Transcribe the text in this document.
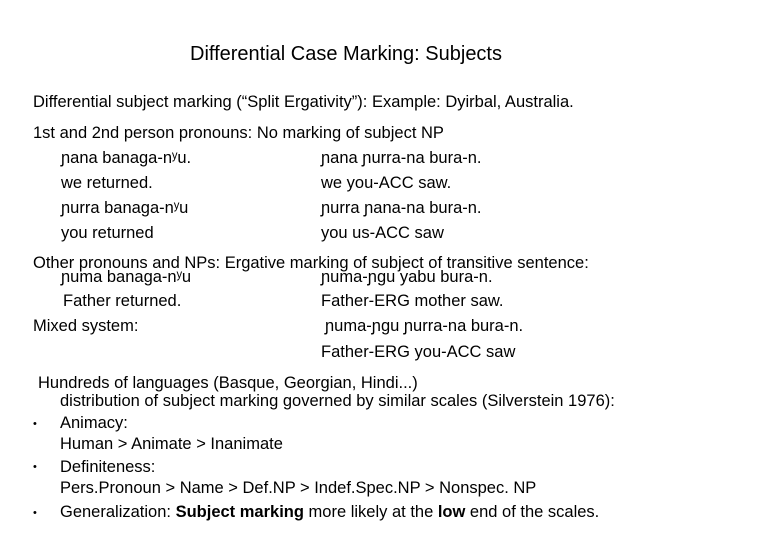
Differential Case Marking: Subjects
Differential subject marking (“Split Ergativity”): Example: Dyirbal, Australia.
1st and 2nd person pronouns: No marking of subject NP
ɲana banaga-nʸu.
we returned.
ɲurra banaga-nʸu
you returned
ɲana ɲurra-na bura-n.
we you-ACC saw.
ɲurra ɲana-na bura-n.
you us-ACC saw
Other pronouns and NPs: Ergative marking of subject of transitive sentence:
ɲuma banaga-nʸu
Father returned.
ɲuma-ɲgu yabu bura-n.
Father-ERG mother saw.
Mixed system:	ɲuma-ɲgu ɲurra-na bura-n.
Father-ERG you-ACC saw
Hundreds of languages (Basque, Georgian, Hindi...)
distribution of subject marking governed by similar scales (Silverstein 1976):
• Animacy:
Human > Animate > Inanimate
• Definiteness:
Pers.Pronoun > Name > Def.NP > Indef.Spec.NP > Nonspec. NP
• Generalization: Subject marking more likely at the low end of the scales.
